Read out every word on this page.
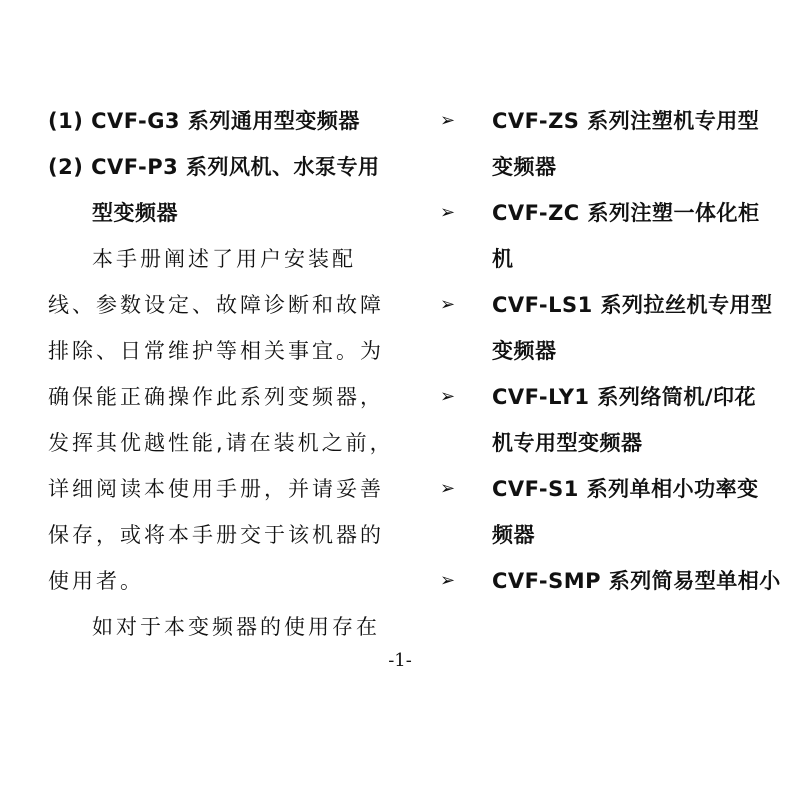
(1) CVF-G3 系列通用型变频器
(2) CVF-P3 系列风机、水泵专用
型变频器
本手册阐述了用户安装配
线、参数设定、故障诊断和故障
排除、日常维护等相关事宜。为
确保能正确操作此系列变频器，
发挥其优越性能,请在装机之前，
详细阅读本使用手册，并请妥善
保存，或将本手册交于该机器的
使用者。
如对于本变频器的使用存在
➢	CVF-ZS 系列注塑机专用型
变频器
➢	CVF-ZC 系列注塑一体化柜
机
➢	CVF-LS1 系列拉丝机专用型
变频器
➢	CVF-LY1 系列络筒机/印花
机专用型变频器
➢	CVF-S1 系列单相小功率变
频器
➢	CVF-SMP 系列简易型单相小
-1-
